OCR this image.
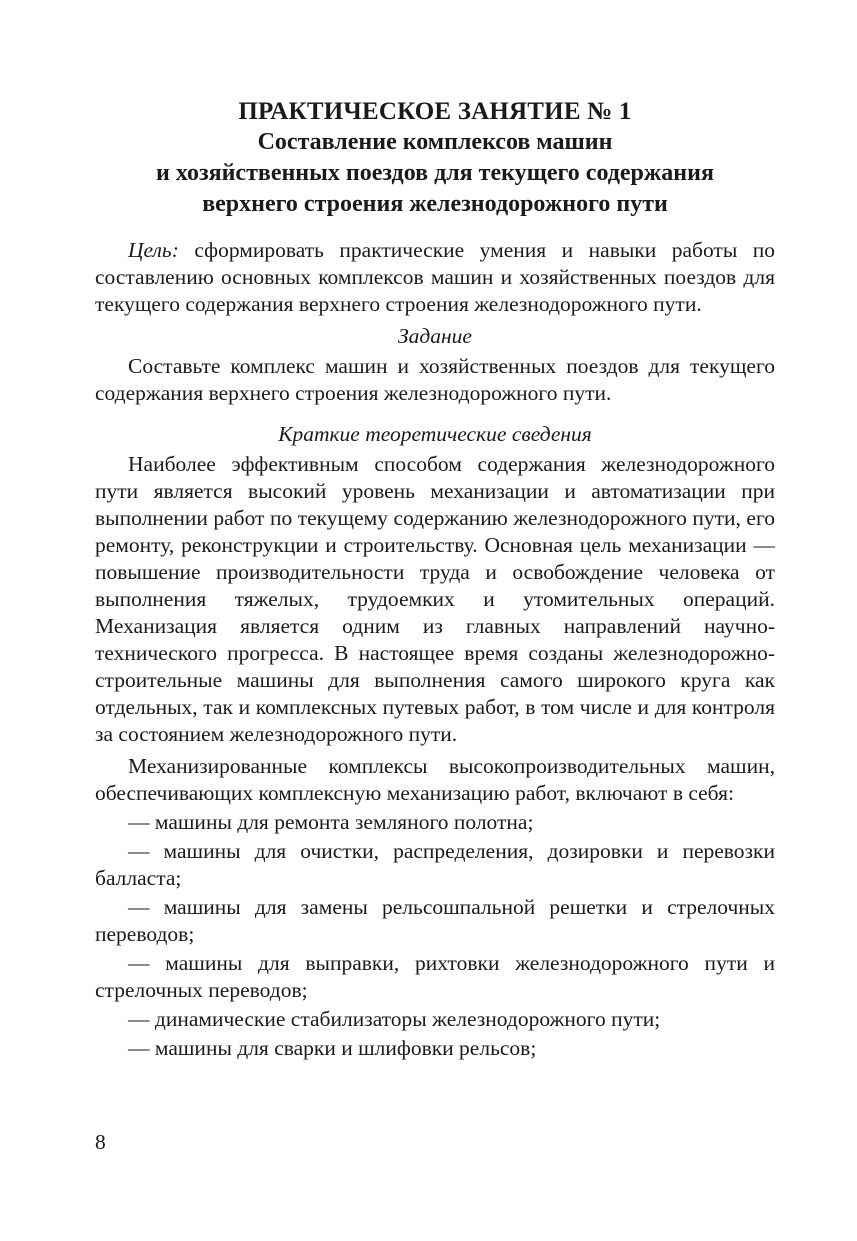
ПРАКТИЧЕСКОЕ ЗАНЯТИЕ № 1
Составление комплексов машин
и хозяйственных поездов для текущего содержания
верхнего строения железнодорожного пути

Цель: сформировать практические умения и навыки работы по составлению основных комплексов машин и хозяйственных поездов для текущего содержания верхнего строения железнодорожного пути.

Задание

Составьте комплекс машин и хозяйственных поездов для текущего содержания верхнего строения железнодорожного пути.

Краткие теоретические сведения

Наиболее эффективным способом содержания железнодорожного пути является высокий уровень механизации и автоматизации при выполнении работ по текущему содержанию железнодорожного пути, его ремонту, реконструкции и строительству. Основная цель механизации — повышение производительности труда и освобождение человека от выполнения тяжелых, трудоемких и утомительных операций. Механизация является одним из главных направлений научно-технического прогресса. В настоящее время созданы железнодорожно-строительные машины для выполнения самого широкого круга как отдельных, так и комплексных путевых работ, в том числе и для контроля за состоянием железнодорожного пути.

Механизированные комплексы высокопроизводительных машин, обеспечивающих комплексную механизацию работ, включают в себя:

— машины для ремонта земляного полотна;

— машины для очистки, распределения, дозировки и перевозки балласта;

— машины для замены рельсошпальной решетки и стрелочных переводов;

— машины для выправки, рихтовки железнодорожного пути и стрелочных переводов;

— динамические стабилизаторы железнодорожного пути;

— машины для сварки и шлифовки рельсов;

8
